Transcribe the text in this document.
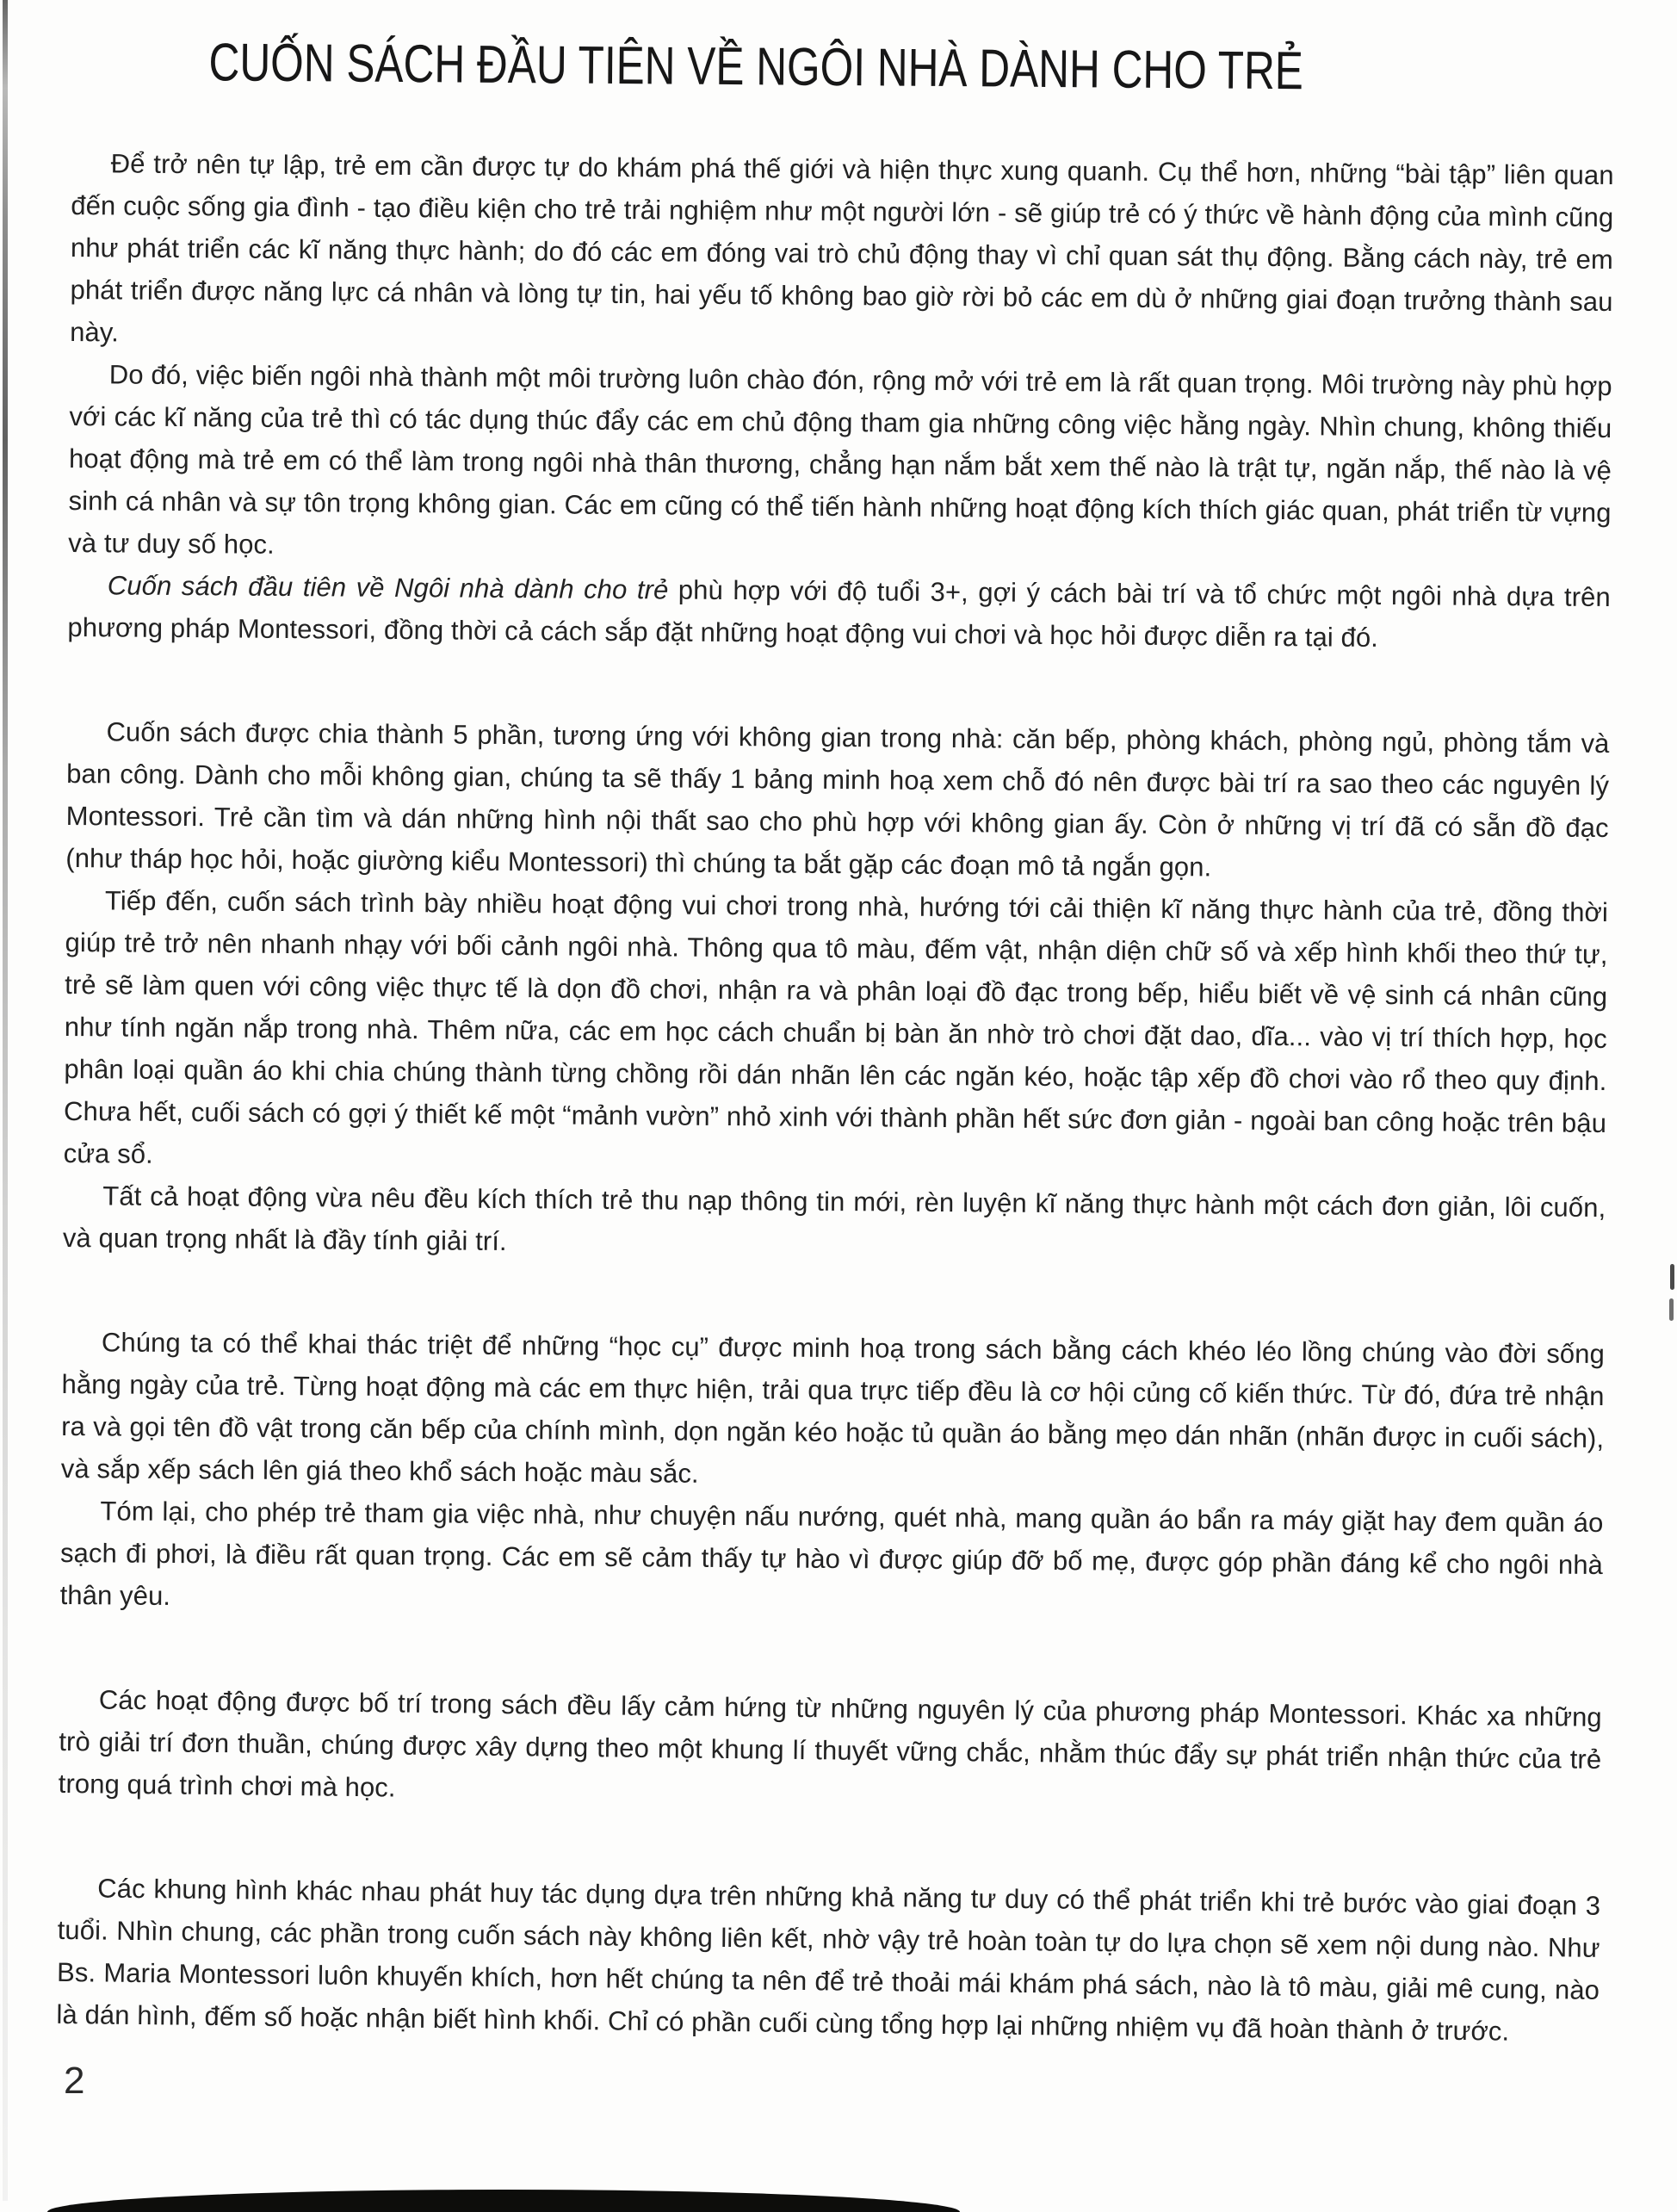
CUỐN SÁCH ĐẦU TIÊN VỀ NGÔI NHÀ DÀNH CHO TRẺ

Để trở nên tự lập, trẻ em cần được tự do khám phá thế giới và hiện thực xung quanh. Cụ thể hơn, những “bài tập” liên quan đến cuộc sống gia đình - tạo điều kiện cho trẻ trải nghiệm như một người lớn - sẽ giúp trẻ có ý thức về hành động của mình cũng như phát triển các kĩ năng thực hành; do đó các em đóng vai trò chủ động thay vì chỉ quan sát thụ động. Bằng cách này, trẻ em phát triển được năng lực cá nhân và lòng tự tin, hai yếu tố không bao giờ rời bỏ các em dù ở những giai đoạn trưởng thành sau này.

Do đó, việc biến ngôi nhà thành một môi trường luôn chào đón, rộng mở với trẻ em là rất quan trọng. Môi trường này phù hợp với các kĩ năng của trẻ thì có tác dụng thúc đẩy các em chủ động tham gia những công việc hằng ngày. Nhìn chung, không thiếu hoạt động mà trẻ em có thể làm trong ngôi nhà thân thương, chẳng hạn nắm bắt xem thế nào là trật tự, ngăn nắp, thế nào là vệ sinh cá nhân và sự tôn trọng không gian. Các em cũng có thể tiến hành những hoạt động kích thích giác quan, phát triển từ vựng và tư duy số học.

Cuốn sách đầu tiên về Ngôi nhà dành cho trẻ phù hợp với độ tuổi 3+, gợi ý cách bài trí và tổ chức một ngôi nhà dựa trên phương pháp Montessori, đồng thời cả cách sắp đặt những hoạt động vui chơi và học hỏi được diễn ra tại đó.

Cuốn sách được chia thành 5 phần, tương ứng với không gian trong nhà: căn bếp, phòng khách, phòng ngủ, phòng tắm và ban công. Dành cho mỗi không gian, chúng ta sẽ thấy 1 bảng minh hoạ xem chỗ đó nên được bài trí ra sao theo các nguyên lý Montessori. Trẻ cần tìm và dán những hình nội thất sao cho phù hợp với không gian ấy. Còn ở những vị trí đã có sẵn đồ đạc (như tháp học hỏi, hoặc giường kiểu Montessori) thì chúng ta bắt gặp các đoạn mô tả ngắn gọn.

Tiếp đến, cuốn sách trình bày nhiều hoạt động vui chơi trong nhà, hướng tới cải thiện kĩ năng thực hành của trẻ, đồng thời giúp trẻ trở nên nhanh nhạy với bối cảnh ngôi nhà. Thông qua tô màu, đếm vật, nhận diện chữ số và xếp hình khối theo thứ tự, trẻ sẽ làm quen với công việc thực tế là dọn đồ chơi, nhận ra và phân loại đồ đạc trong bếp, hiểu biết về vệ sinh cá nhân cũng như tính ngăn nắp trong nhà. Thêm nữa, các em học cách chuẩn bị bàn ăn nhờ trò chơi đặt dao, dĩa... vào vị trí thích hợp, học phân loại quần áo khi chia chúng thành từng chồng rồi dán nhãn lên các ngăn kéo, hoặc tập xếp đồ chơi vào rổ theo quy định. Chưa hết, cuối sách có gợi ý thiết kế một “mảnh vườn” nhỏ xinh với thành phần hết sức đơn giản - ngoài ban công hoặc trên bậu cửa sổ.

Tất cả hoạt động vừa nêu đều kích thích trẻ thu nạp thông tin mới, rèn luyện kĩ năng thực hành một cách đơn giản, lôi cuốn, và quan trọng nhất là đầy tính giải trí.

Chúng ta có thể khai thác triệt để những “học cụ” được minh hoạ trong sách bằng cách khéo léo lồng chúng vào đời sống hằng ngày của trẻ. Từng hoạt động mà các em thực hiện, trải qua trực tiếp đều là cơ hội củng cố kiến thức. Từ đó, đứa trẻ nhận ra và gọi tên đồ vật trong căn bếp của chính mình, dọn ngăn kéo hoặc tủ quần áo bằng mẹo dán nhãn (nhãn được in cuối sách), và sắp xếp sách lên giá theo khổ sách hoặc màu sắc.

Tóm lại, cho phép trẻ tham gia việc nhà, như chuyện nấu nướng, quét nhà, mang quần áo bẩn ra máy giặt hay đem quần áo sạch đi phơi, là điều rất quan trọng. Các em sẽ cảm thấy tự hào vì được giúp đỡ bố mẹ, được góp phần đáng kể cho ngôi nhà thân yêu.

Các hoạt động được bố trí trong sách đều lấy cảm hứng từ những nguyên lý của phương pháp Montessori. Khác xa những trò giải trí đơn thuần, chúng được xây dựng theo một khung lí thuyết vững chắc, nhằm thúc đẩy sự phát triển nhận thức của trẻ trong quá trình chơi mà học.

Các khung hình khác nhau phát huy tác dụng dựa trên những khả năng tư duy có thể phát triển khi trẻ bước vào giai đoạn 3 tuổi. Nhìn chung, các phần trong cuốn sách này không liên kết, nhờ vậy trẻ hoàn toàn tự do lựa chọn sẽ xem nội dung nào. Như Bs. Maria Montessori luôn khuyến khích, hơn hết chúng ta nên để trẻ thoải mái khám phá sách, nào là tô màu, giải mê cung, nào là dán hình, đếm số hoặc nhận biết hình khối. Chỉ có phần cuối cùng tổng hợp lại những nhiệm vụ đã hoàn thành ở trước.

2
